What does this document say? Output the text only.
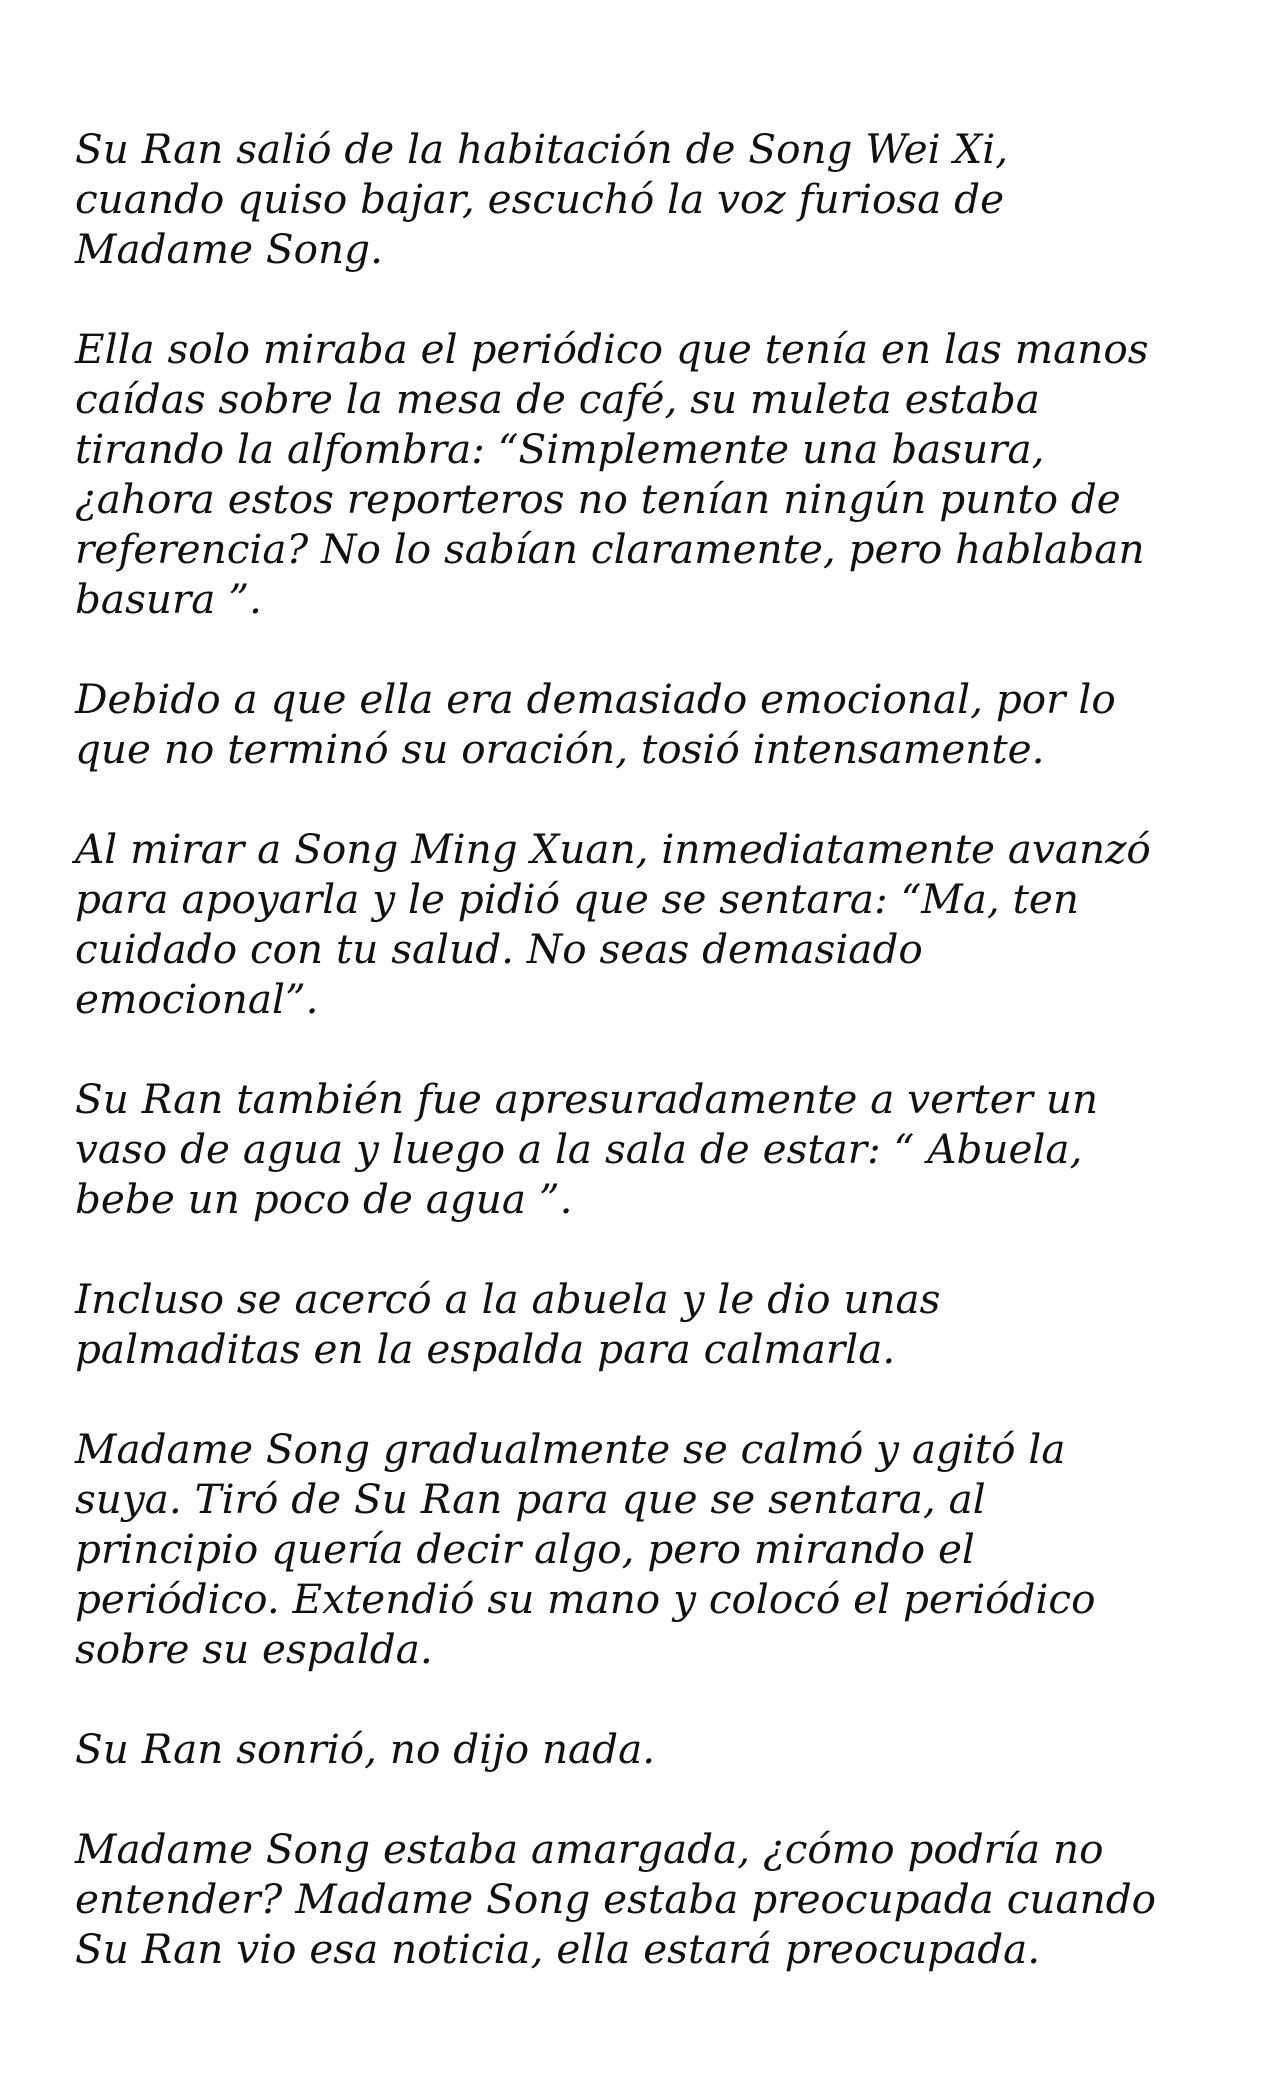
Su Ran salió de la habitación de Song Wei Xi,
cuando quiso bajar, escuchó la voz furiosa de
Madame Song.

Ella solo miraba el periódico que tenía en las manos
caídas sobre la mesa de café, su muleta estaba
tirando la alfombra: “Simplemente una basura,
¿ahora estos reporteros no tenían ningún punto de
referencia? No lo sabían claramente, pero hablaban
basura ”.

Debido a que ella era demasiado emocional, por lo
que no terminó su oración, tosió intensamente.

Al mirar a Song Ming Xuan, inmediatamente avanzó
para apoyarla y le pidió que se sentara: “Ma, ten
cuidado con tu salud. No seas demasiado
emocional”.

Su Ran también fue apresuradamente a verter un
vaso de agua y luego a la sala de estar: “ Abuela,
bebe un poco de agua ”.

Incluso se acercó a la abuela y le dio unas
palmaditas en la espalda para calmarla.

Madame Song gradualmente se calmó y agitó la
suya. Tiró de Su Ran para que se sentara, al
principio quería decir algo, pero mirando el
periódico. Extendió su mano y colocó el periódico
sobre su espalda.

Su Ran sonrió, no dijo nada.

Madame Song estaba amargada, ¿cómo podría no
entender? Madame Song estaba preocupada cuando
Su Ran vio esa noticia, ella estará preocupada.
